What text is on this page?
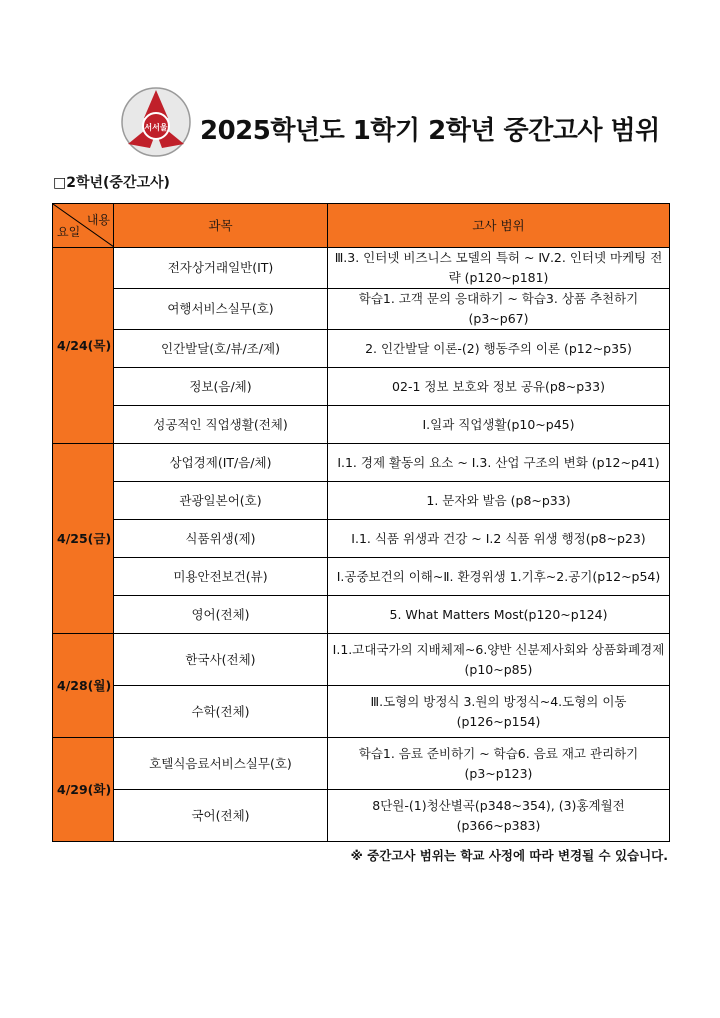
서서울 2025학년도 1학기 2학년 중간고사 범위
□2학년(중간고사)
내용
요일	과목	고사 범위
4/24(목)	전자상거래일반(IT)	Ⅲ.3. 인터넷 비즈니스 모델의 특허 ~ Ⅳ.2. 인터넷 마케팅 전략 (p120~p181)
	여행서비스실무(호)	학습1. 고객 문의 응대하기 ~ 학습3. 상품 추천하기 (p3~p67)
	인간발달(호/뷰/조/제)	2. 인간발달 이론-(2) 행동주의 이론 (p12~p35)
	정보(음/체)	02-1 정보 보호와 정보 공유(p8~p33)
	성공적인 직업생활(전체)	Ⅰ.일과 직업생활(p10~p45)
4/25(금)	상업경제(IT/음/체)	Ⅰ.1. 경제 활동의 요소 ~ Ⅰ.3. 산업 구조의 변화 (p12~p41)
	관광일본어(호)	1. 문자와 발음 (p8~p33)
	식품위생(제)	Ⅰ.1. 식품 위생과 건강 ~ Ⅰ.2 식품 위생 행정(p8~p23)
	미용안전보건(뷰)	Ⅰ.공중보건의 이해~Ⅱ. 환경위생 1.기후~2.공기(p12~p54)
	영어(전체)	5. What Matters Most(p120~p124)
4/28(월)	한국사(전체)	Ⅰ.1.고대국가의 지배체제~6.양반 신분제사회와 상품화폐경제 (p10~p85)
	수학(전체)	Ⅲ.도형의 방정식 3.원의 방정식~4.도형의 이동(p126~p154)
4/29(화)	호텔식음료서비스실무(호)	학습1. 음료 준비하기 ~ 학습6. 음료 재고 관리하기 (p3~p123)
	국어(전체)	8단원-(1)청산별곡(p348~354), (3)홍계월전(p366~p383)
※ 중간고사 범위는 학교 사정에 따라 변경될 수 있습니다.
